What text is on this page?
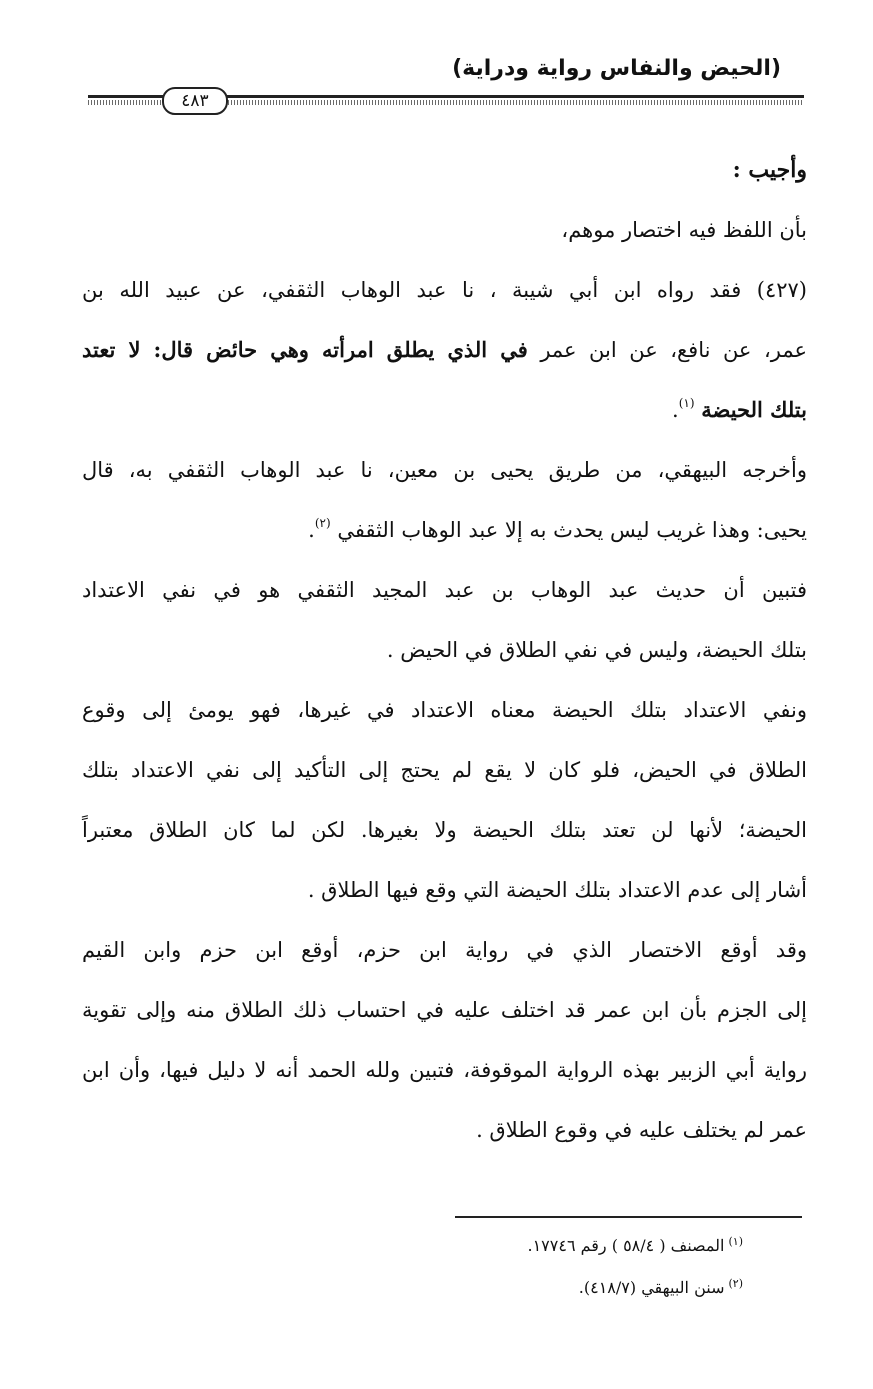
(الحيض والنفاس رواية ودراية)
٤٨٣
وأجيب :
بأن اللفظ فيه اختصار موهم،
(٤٢٧) فقد رواه ابن أبي شيبة ، نا عبد الوهاب الثقفي، عن عبيد الله بن
عمر، عن نافع، عن ابن عمر في الذي يطلق امرأته وهي حائض قال: لا تعتد
بتلك الحيضة $^{(١)}$.
وأخرجه البيهقي، من طريق يحيى بن معين، نا عبد الوهاب الثقفي به، قال
يحيى: وهذا غريب ليس يحدث به إلا عبد الوهاب الثقفي $^{(٢)}$.
فتبين أن حديث عبد الوهاب بن عبد المجيد الثقفي هو في نفي الاعتداد
بتلك الحيضة، وليس في نفي الطلاق في الحيض .
ونفي الاعتداد بتلك الحيضة معناه الاعتداد في غيرها، فهو يومئ إلى وقوع
الطلاق في الحيض، فلو كان لا يقع لم يحتج إلى التأكيد إلى نفي الاعتداد بتلك
الحيضة؛ لأنها لن تعتد بتلك الحيضة ولا بغيرها. لكن لما كان الطلاق معتبراً
أشار إلى عدم الاعتداد بتلك الحيضة التي وقع فيها الطلاق .
وقد أوقع الاختصار الذي في رواية ابن حزم، أوقع ابن حزم وابن القيم
إلى الجزم بأن ابن عمر قد اختلف عليه في احتساب ذلك الطلاق منه وإلى تقوية
رواية أبي الزبير بهذه الرواية الموقوفة، فتبين ولله الحمد أنه لا دليل فيها، وأن ابن
عمر لم يختلف عليه في وقوع الطلاق .
$^{(١)}$المصنف ( ٥٨/٤ ) رقم ١٧٧٤٦.
$^{(٢)}$سنن البيهقي (٤١٨/٧).
